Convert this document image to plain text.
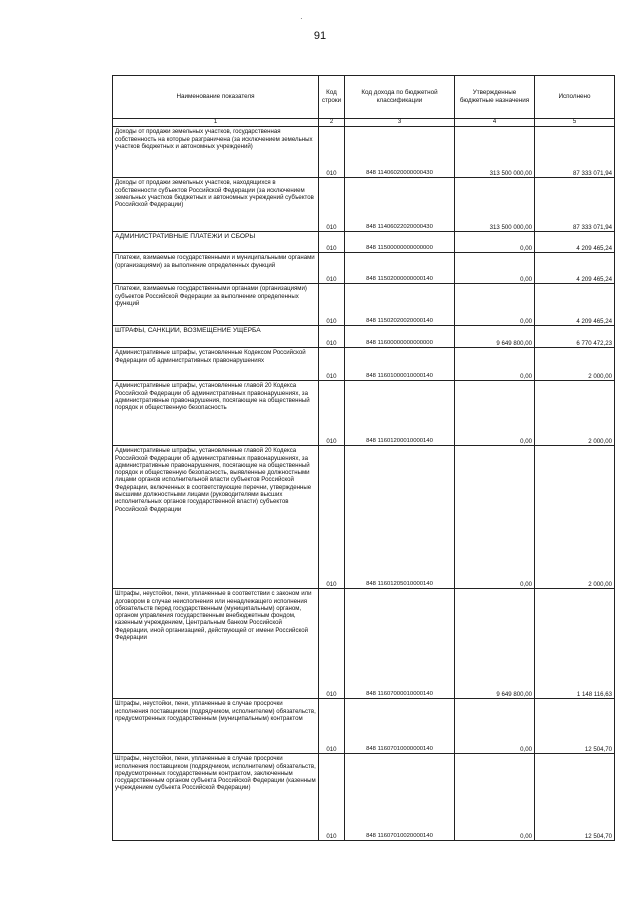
·
91
Наименование показателя	Код строки	Код дохода по бюджетной классификации	Утвержденные бюджетные назначения	Исполнено
1	2	3	4	5
Доходы от продажи земельных участков, государственная собственность на которые разграничена (за исключением земельных участков бюджетных и автономных учреждений)	010	848 11406020000000430	313 500 000,00	87 333 071,94
Доходы от продажи земельных участков, находящихся в собственности субъектов Российской Федерации (за исключением земельных участков бюджетных и автономных учреждений субъектов Российской Федерации)	010	848 11406022020000430	313 500 000,00	87 333 071,94
АДМИНИСТРАТИВНЫЕ ПЛАТЕЖИ И СБОРЫ	010	848 11500000000000000	0,00	4 209 465,24
Платежи, взимаемые государственными и муниципальными органами (организациями) за выполнение определенных функций	010	848 11502000000000140	0,00	4 209 465,24
Платежи, взимаемые государственными органами (организациями) субъектов Российской Федерации за выполнение определенных функций	010	848 11502020020000140	0,00	4 209 465,24
ШТРАФЫ, САНКЦИИ, ВОЗМЕЩЕНИЕ УЩЕРБА	010	848 11600000000000000	9 649 800,00	6 770 472,23
Административные штрафы, установленные Кодексом Российской Федерации об административных правонарушениях	010	848 11601000010000140	0,00	2 000,00
Административные штрафы, установленные главой 20 Кодекса Российской Федерации об административных правонарушениях, за административные правонарушения, посягающие на общественный порядок и общественную безопасность	010	848 11601200010000140	0,00	2 000,00
Административные штрафы, установленные главой 20 Кодекса Российской Федерации об административных правонарушениях, за административные правонарушения, посягающие на общественный порядок и общественную безопасность, выявленные должностными лицами органов исполнительной власти субъектов Российской Федерации, включенных в соответствующие перечни, утвержденные высшими должностными лицами (руководителями высших исполнительных органов государственной власти) субъектов Российской Федерации	010	848 11601205010000140	0,00	2 000,00
Штрафы, неустойки, пени, уплаченные в соответствии с законом или договором в случае неисполнения или ненадлежащего исполнения обязательств перед государственным (муниципальным) органом, органом управления государственным внебюджетным фондом, казенным учреждением, Центральным банком Российской Федерации, иной организацией, действующей от имени Российской Федерации	010	848 11607000010000140	9 649 800,00	1 148 116,63
Штрафы, неустойки, пени, уплаченные в случае просрочки исполнения поставщиком (подрядчиком, исполнителем) обязательств, предусмотренных государственным (муниципальным) контрактом	010	848 11607010000000140	0,00	12 504,70
Штрафы, неустойки, пени, уплаченные в случае просрочки исполнения поставщиком (подрядчиком, исполнителем) обязательств, предусмотренных государственным контрактом, заключенным государственным органом субъекта Российской Федерации (казенным учреждением субъекта Российской Федерации)	010	848 11607010020000140	0,00	12 504,70
